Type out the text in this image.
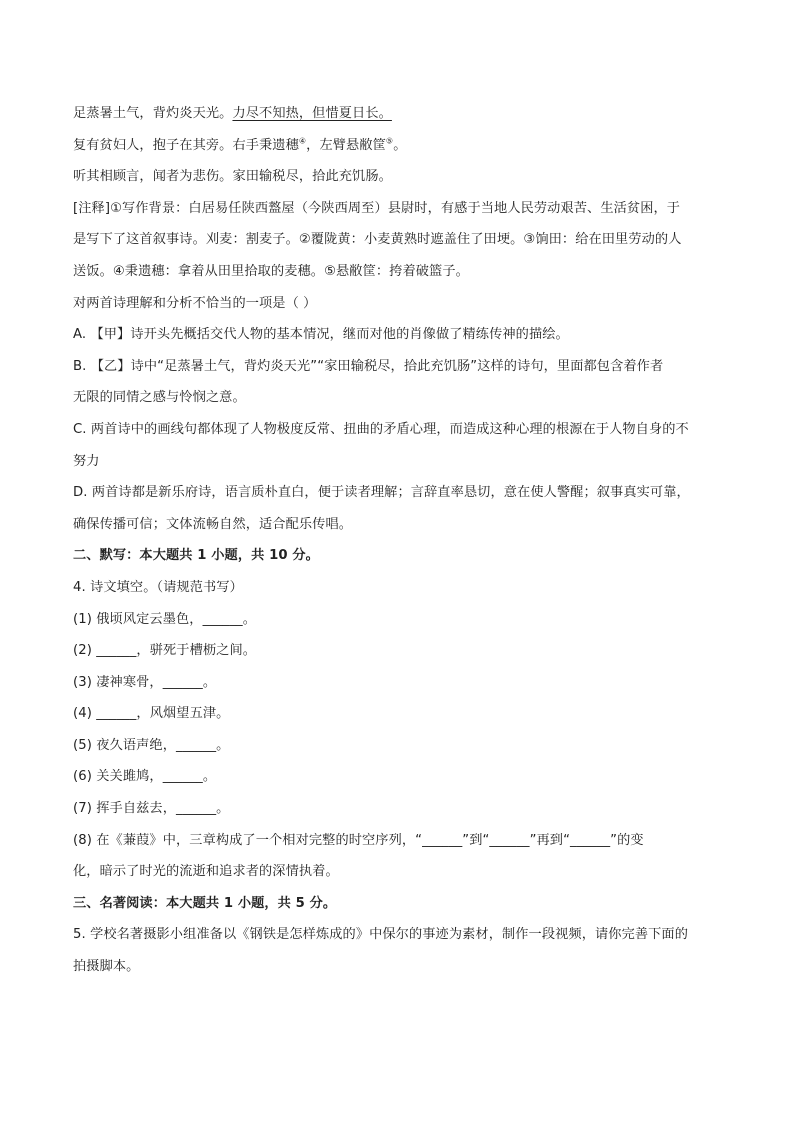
足蒸暑土气，背灼炎天光。力尽不知热，但惜夏日长。
复有贫妇人，抱子在其旁。右手秉遗穗④，左臂悬敝筐⑤。
听其相顾言，闻者为悲伤。家田输税尽，拾此充饥肠。
[注释]①写作背景：白居易任陕西盩屋（今陕西周至）县尉时，有感于当地人民劳动艰苦、生活贫困，于
是写下了这首叙事诗。刈麦：割麦子。②覆陇黄：小麦黄熟时遮盖住了田埂。③饷田：给在田里劳动的人
送饭。④秉遗穗：拿着从田里拾取的麦穗。⑤悬敝筐：挎着破篮子。
对两首诗理解和分析不恰当的一项是（ ）
A. 【甲】诗开头先概括交代人物的基本情况，继而对他的肖像做了精练传神的描绘。
B. 【乙】诗中“足蒸暑土气，背灼炎天光”“家田输税尽，拾此充饥肠”这样的诗句，里面都包含着作者
无限的同情之感与怜悯之意。
C. 两首诗中的画线句都体现了人物极度反常、扭曲的矛盾心理，而造成这种心理的根源在于人物自身的不
努力
D. 两首诗都是新乐府诗，语言质朴直白，便于读者理解；言辞直率恳切，意在使人警醒；叙事真实可靠，
确保传播可信；文体流畅自然，适合配乐传唱。
二、默写：本大题共 1 小题，共 10 分。
4. 诗文填空。（请规范书写）
(1) 俄顷风定云墨色，______。
(2) ______，骈死于槽枥之间。
(3) 凄神寒骨，______。
(4) ______，风烟望五津。
(5) 夜久语声绝，______。
(6) 关关雎鸠，______。
(7) 挥手自兹去，______。
(8) 在《蒹葭》中，三章构成了一个相对完整的时空序列，“______”到“______”再到“______”的变
化，暗示了时光的流逝和追求者的深情执着。
三、名著阅读：本大题共 1 小题，共 5 分。
5. 学校名著摄影小组准备以《钢铁是怎样炼成的》中保尔的事迹为素材，制作一段视频，请你完善下面的
拍摄脚本。
